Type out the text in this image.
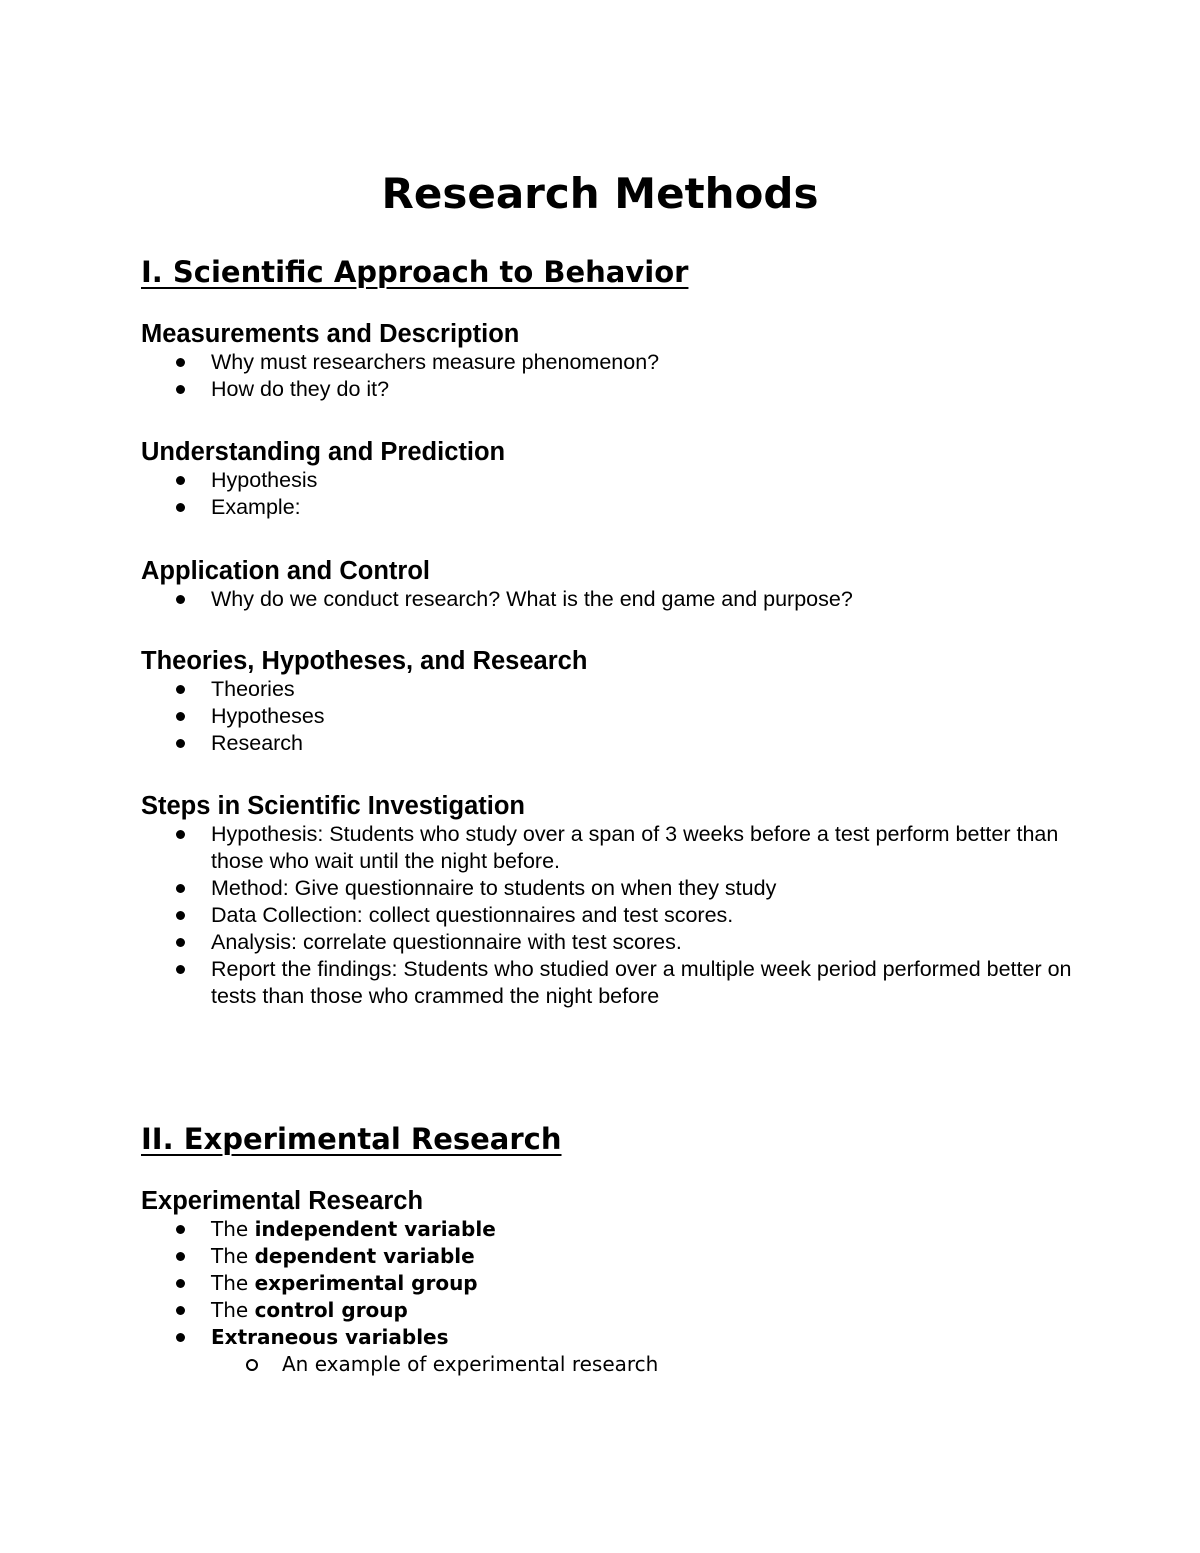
Research Methods
I. Scientific Approach to Behavior
Measurements and Description
Why must researchers measure phenomenon?
How do they do it?
Understanding and Prediction
Hypothesis
Example:
Application and Control
Why do we conduct research? What is the end game and purpose?
Theories, Hypotheses, and Research
Theories
Hypotheses
Research
Steps in Scientific Investigation
Hypothesis: Students who study over a span of 3 weeks before a test perform better than those who wait until the night before.
Method: Give questionnaire to students on when they study
Data Collection: collect questionnaires and test scores.
Analysis: correlate questionnaire with test scores.
Report the findings: Students who studied over a multiple week period performed better on tests than those who crammed the night before
II. Experimental Research
Experimental Research
The independent variable
The dependent variable
The experimental group
The control group
Extraneous variables
An example of experimental research
